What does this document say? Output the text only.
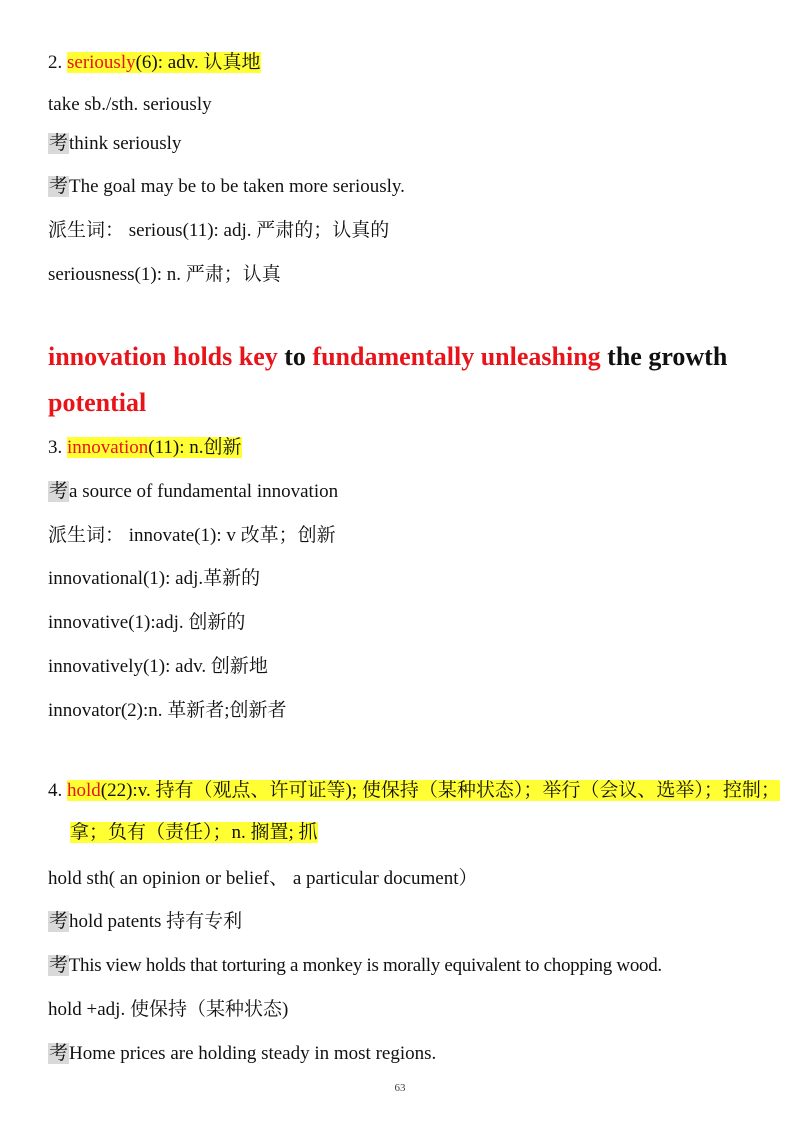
2. seriously(6): adv. 认真地
take sb./sth. seriously
考think seriously
考The goal may be to be taken more seriously.
派生词： serious(11): adj. 严肃的；认真的
seriousness(1): n. 严肃；认真
innovation holds key to fundamentally unleashing the growth potential
3. innovation(11): n.创新
考a source of fundamental innovation
派生词： innovate(1): v 改革；创新
innovational(1): adj.革新的
innovative(1):adj. 创新的
innovatively(1): adv. 创新地
innovator(2):n. 革新者;创新者
4. hold(22):v. 持有（观点、许可证等); 使保持（某种状态）；举行（会议、选举）；控制；拿；负有（责任）；n. 搁置; 抓
hold sth( an opinion or belief、 a particular document）
考hold patents 持有专利
考This view holds that torturing a monkey is morally equivalent to chopping wood.
hold +adj. 使保持（某种状态)
考Home prices are holding steady in most regions.
63
